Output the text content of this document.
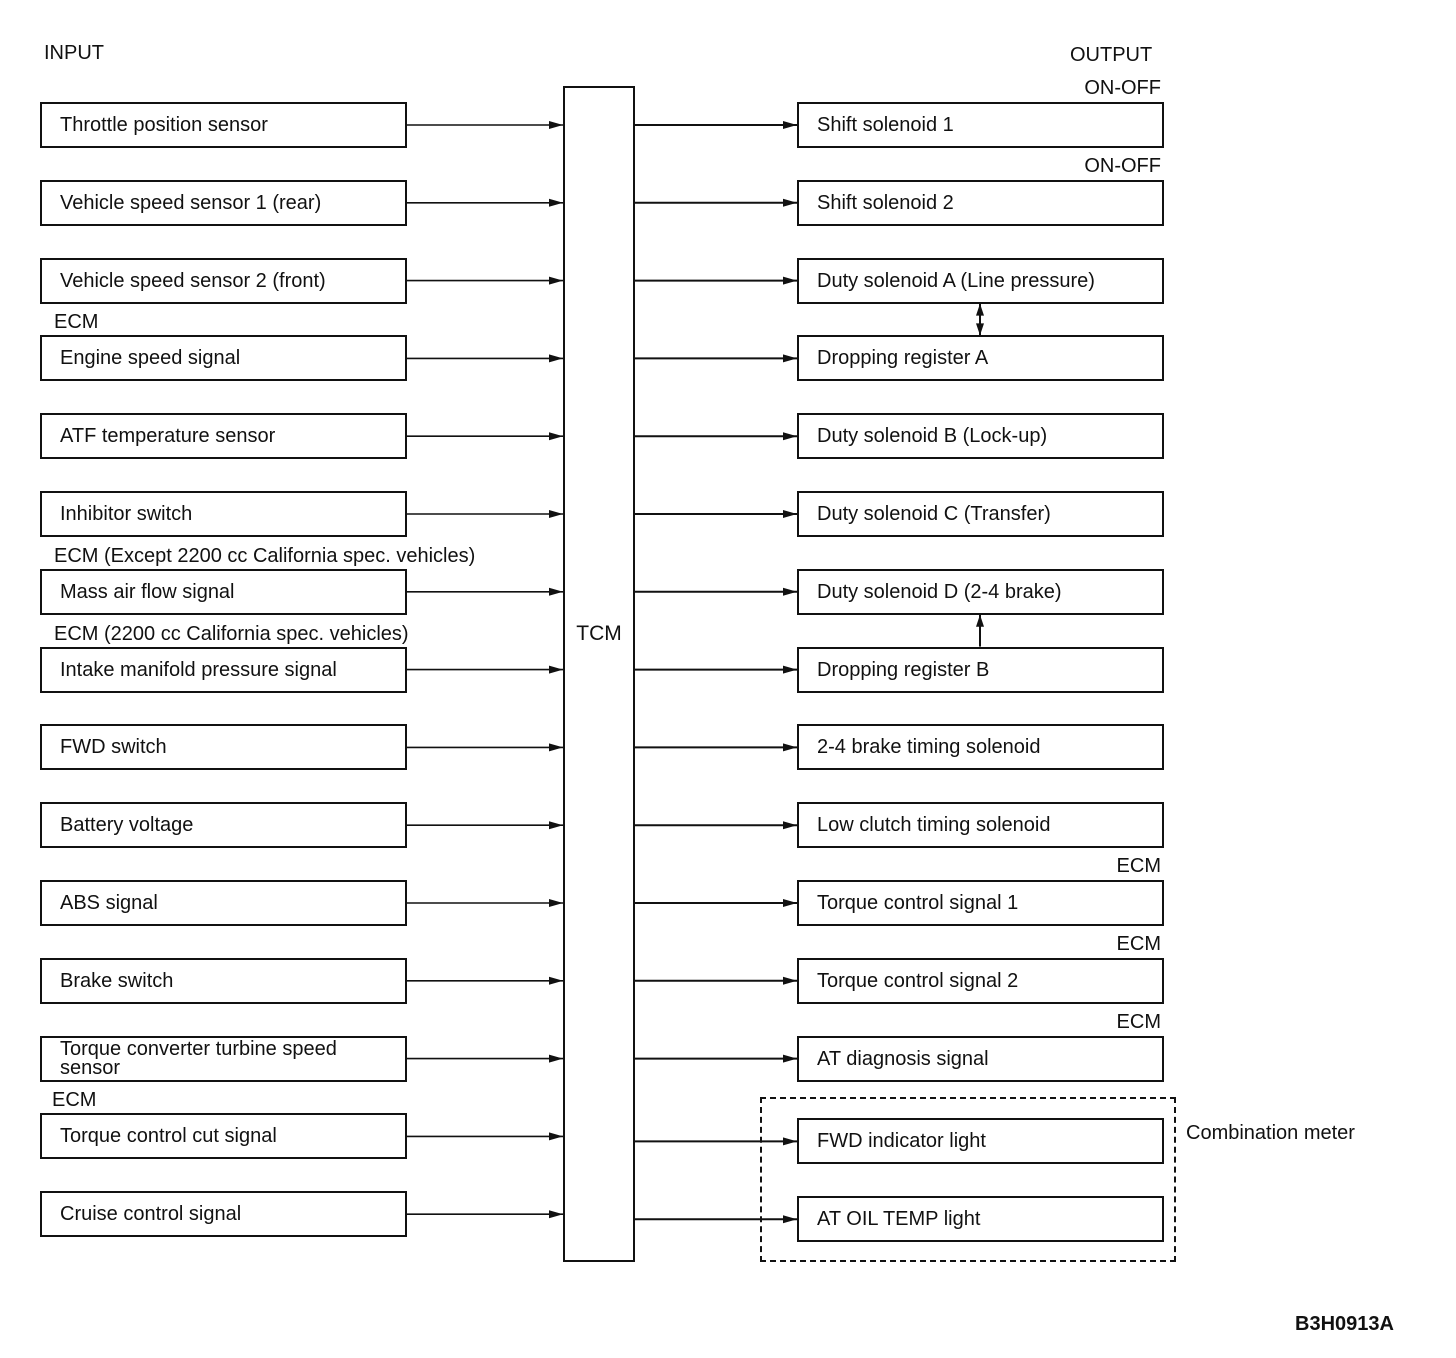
INPUT	OUTPUT
TCM
Throttle position sensor
Vehicle speed sensor 1 (rear)
Vehicle speed sensor 2 (front)
Engine speed signal
ATF temperature sensor
Inhibitor switch
Mass air flow signal
Intake manifold pressure signal
FWD switch
Battery voltage
ABS signal
Brake switch
Torque converter turbine speed sensor
Torque control cut signal
Cruise control signal
Shift solenoid 1
Shift solenoid 2
Duty solenoid A (Line pressure)
Dropping register A
Duty solenoid B (Lock-up)
Duty solenoid C (Transfer)
Duty solenoid D (2-4 brake)
Dropping register B
2-4 brake timing solenoid
Low clutch timing solenoid
Torque control signal 1
Torque control signal 2
AT diagnosis signal
FWD indicator light
AT OIL TEMP light
Combination meter
B3H0913A
ECM
ECM (Except 2200 cc California spec. vehicles)
ECM (2200 cc California spec. vehicles)
ECM
ON-OFF
ON-OFF
ECM
ECM
ECM
